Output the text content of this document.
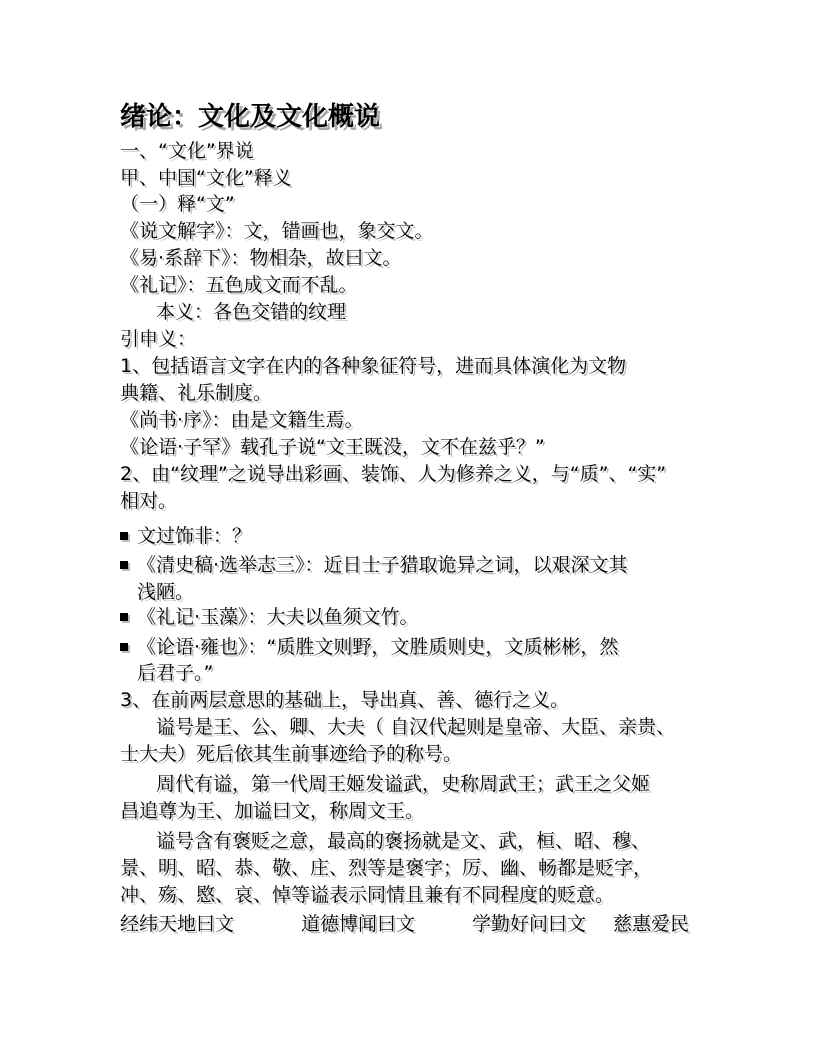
绪论：文化及文化概说
一、“文化”界说
甲、中国“文化”释义
（一）释“文”
《说文解字》：文，错画也，象交文。
《易·系辞下》：物相杂，故曰文。
《礼记》：五色成文而不乱。
本义：各色交错的纹理
引申义：
1、包括语言文字在内的各种象征符号，进而具体演化为文物
典籍、礼乐制度。
《尚书·序》：由是文籍生焉。
《论语·子罕》载孔子说“文王既没，文不在兹乎？”
2、由“纹理”之说导出彩画、装饰、人为修养之义，与“质”、“实”
相对。
文过饰非：？
《清史稿·选举志三》：近日士子猎取诡异之词，以艰深文其
浅陋。
《礼记·玉藻》：大夫以鱼须文竹。
《论语·雍也》：“质胜文则野，文胜质则史，文质彬彬，然
后君子。”
3、在前两层意思的基础上，导出真、善、德行之义。
谥号是王、公、卿、大夫（ 自汉代起则是皇帝、大臣、亲贵、
士大夫）死后依其生前事迹给予的称号。
周代有谥，第一代周王姬发谥武，史称周武王；武王之父姬
昌追尊为王、加谥曰文，称周文王。
谥号含有褒贬之意，最高的褒扬就是文、武，桓、昭、穆、
景、明、昭、恭、敬、庄、烈等是褒字；厉、幽、畅都是贬字，
冲、殇、愍、哀、悼等谥表示同情且兼有不同程度的贬意。
经纬天地曰文	道德博闻曰文	学勤好问曰文 慈惠爱民
